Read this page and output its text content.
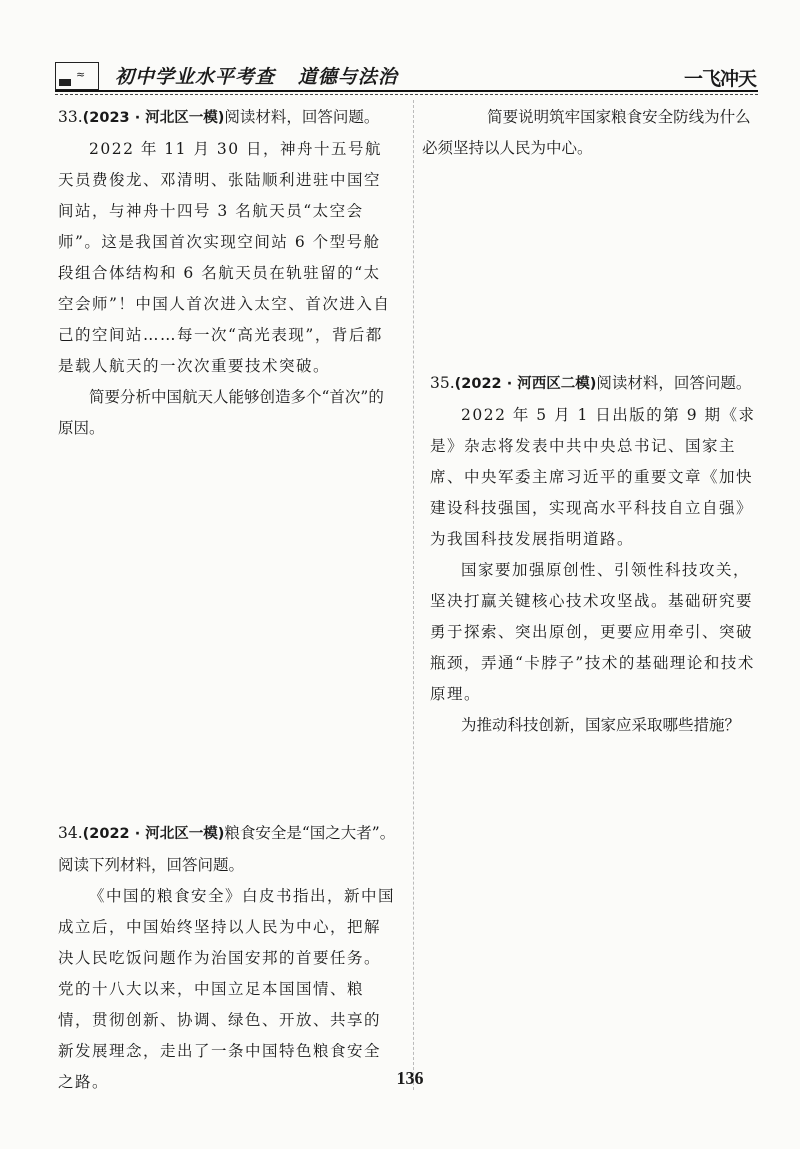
≈ 初中学业水平考查   道德与法治	一飞冲天

33.(2023 · 河北区一模)阅读材料，回答问题。

2022 年 11 月 30 日，神舟十五号航天员费俊龙、邓清明、张陆顺利进驻中国空间站，与神舟十四号 3 名航天员“太空会师”。这是我国首次实现空间站 6 个型号舱段组合体结构和 6 名航天员在轨驻留的“太空会师”！中国人首次进入太空、首次进入自己的空间站……每一次“高光表现”，背后都是载人航天的一次次重要技术突破。

简要分析中国航天人能够创造多个“首次”的原因。

34.(2022 · 河北区一模)粮食安全是“国之大者”。阅读下列材料，回答问题。

《中国的粮食安全》白皮书指出，新中国成立后，中国始终坚持以人民为中心，把解决人民吃饭问题作为治国安邦的首要任务。党的十八大以来，中国立足本国国情、粮情，贯彻创新、协调、绿色、开放、共享的新发展理念，走出了一条中国特色粮食安全之路。

简要说明筑牢国家粮食安全防线为什么必须坚持以人民为中心。

35.(2022 · 河西区二模)阅读材料，回答问题。

2022 年 5 月 1 日出版的第 9 期《求是》杂志将发表中共中央总书记、国家主席、中央军委主席习近平的重要文章《加快建设科技强国，实现高水平科技自立自强》为我国科技发展指明道路。

国家要加强原创性、引领性科技攻关，坚决打赢关键核心技术攻坚战。基础研究要勇于探索、突出原创，更要应用牵引、突破瓶颈，弄通“卡脖子”技术的基础理论和技术原理。

为推动科技创新，国家应采取哪些措施？

136
